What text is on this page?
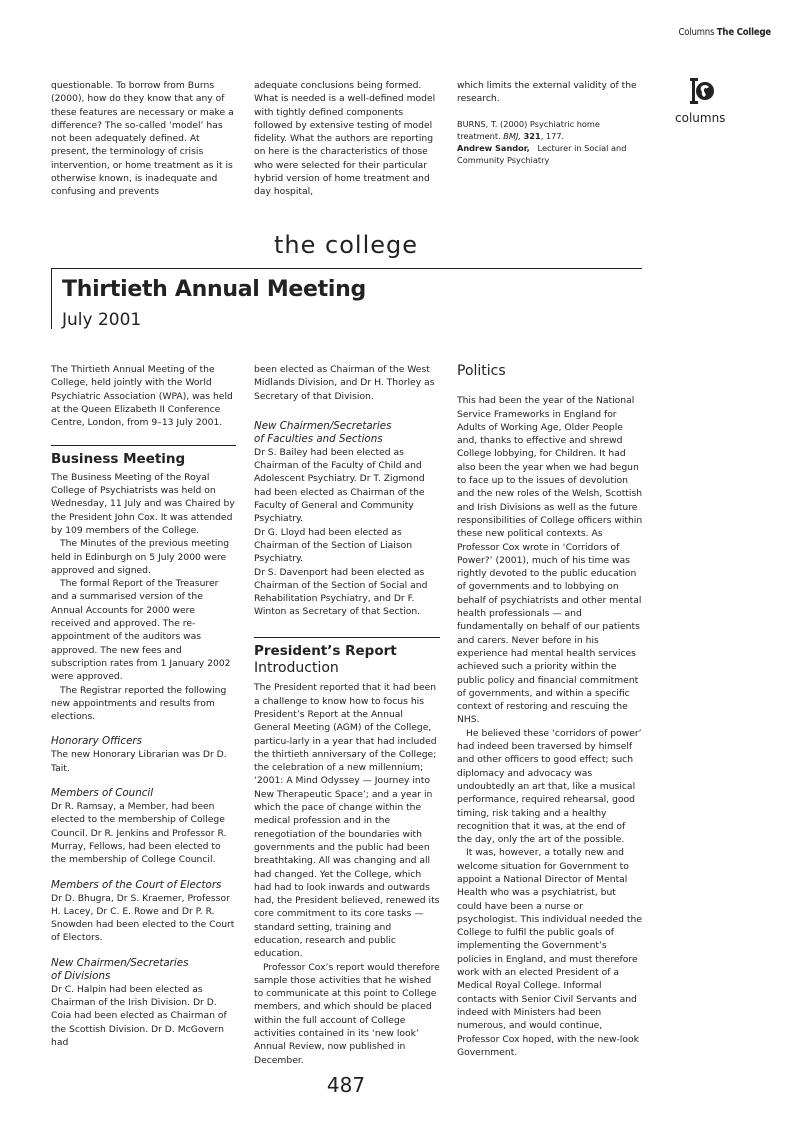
Columns The College
columns

questionable. To borrow from Burns (2000), how do they know that any of these features are necessary or make a difference? The so-called ‘model’ has not been adequately defined. At present, the terminology of crisis intervention, or home treatment as it is otherwise known, is inadequate and confusing and prevents

adequate conclusions being formed. What is needed is a well-defined model with tightly defined components followed by extensive testing of model fidelity. What the authors are reporting on here is the characteristics of those who were selected for their particular hybrid version of home treatment and day hospital,

which limits the external validity of the research.

BURNS, T. (2000) Psychiatric home treatment. BMJ, 321, 177.

Andrew Sandor, Lecturer in Social and Community Psychiatry

the college
Thirtieth Annual Meeting
July 2001

The Thirtieth Annual Meeting of the College, held jointly with the World Psychiatric Association (WPA), was held at the Queen Elizabeth II Conference Centre, London, from 9–13 July 2001.

Business Meeting

The Business Meeting of the Royal College of Psychiatrists was held on Wednesday, 11 July and was Chaired by the President John Cox. It was attended by 109 members of the College.

The Minutes of the previous meeting held in Edinburgh on 5 July 2000 were approved and signed.

The formal Report of the Treasurer and a summarised version of the Annual Accounts for 2000 were received and approved. The re-appointment of the auditors was approved. The new fees and subscription rates from 1 January 2002 were approved.

The Registrar reported the following new appointments and results from elections.

Honorary Officers

The new Honorary Librarian was Dr D. Tait.

Members of Council

Dr R. Ramsay, a Member, had been elected to the membership of College Council. Dr R. Jenkins and Professor R. Murray, Fellows, had been elected to the membership of College Council.

Members of the Court of Electors

Dr D. Bhugra, Dr S. Kraemer, Professor H. Lacey, Dr C. E. Rowe and Dr P. R. Snowden had been elected to the Court of Electors.

New Chairmen/Secretaries
of Divisions

Dr C. Halpin had been elected as Chairman of the Irish Division. Dr D. Coia had been elected as Chairman of the Scottish Division. Dr D. McGovern had

been elected as Chairman of the West Midlands Division, and Dr H. Thorley as Secretary of that Division.

New Chairmen/Secretaries
of Faculties and Sections

Dr S. Bailey had been elected as Chairman of the Faculty of Child and Adolescent Psychiatry. Dr T. Zigmond had been elected as Chairman of the Faculty of General and Community Psychiatry.

Dr G. Lloyd had been elected as Chairman of the Section of Liaison Psychiatry.

Dr S. Davenport had been elected as Chairman of the Section of Social and Rehabilitation Psychiatry, and Dr F. Winton as Secretary of that Section.

President’s Report
Introduction

The President reported that it had been a challenge to know how to focus his President’s Report at the Annual General Meeting (AGM) of the College, particu-larly in a year that had included the thirtieth anniversary of the College; the celebration of a new millennium; ‘2001: A Mind Odyssey — Journey into New Therapeutic Space’; and a year in which the pace of change within the medical profession and in the renegotiation of the boundaries with governments and the public had been breathtaking. All was changing and all had changed. Yet the College, which had had to look inwards and outwards had, the President believed, renewed its core commitment to its core tasks — standard setting, training and education, research and public education.

Professor Cox’s report would therefore sample those activities that he wished to communicate at this point to College members, and which should be placed within the full account of College activities contained in its ‘new look’ Annual Review, now published in December.

Politics

This had been the year of the National Service Frameworks in England for Adults of Working Age, Older People and, thanks to effective and shrewd College lobbying, for Children. It had also been the year when we had begun to face up to the issues of devolution and the new roles of the Welsh, Scottish and Irish Divisions as well as the future responsibilities of College officers within these new political contexts. As Professor Cox wrote in ‘Corridors of Power?’ (2001), much of his time was rightly devoted to the public education of governments and to lobbying on behalf of psychiatrists and other mental health professionals — and fundamentally on behalf of our patients and carers. Never before in his experience had mental health services achieved such a priority within the public policy and financial commitment of governments, and within a specific context of restoring and rescuing the NHS.

He believed these ‘corridors of power’ had indeed been traversed by himself and other officers to good effect; such diplomacy and advocacy was undoubtedly an art that, like a musical performance, required rehearsal, good timing, risk taking and a healthy recognition that it was, at the end of the day, only the art of the possible.

It was, however, a totally new and welcome situation for Government to appoint a National Director of Mental Health who was a psychiatrist, but could have been a nurse or psychologist. This individual needed the College to fulfil the public goals of implementing the Government’s policies in England, and must therefore work with an elected President of a Medical Royal College. Informal contacts with Senior Civil Servants and indeed with Ministers had been numerous, and would continue, Professor Cox hoped, with the new-look Government.

487
